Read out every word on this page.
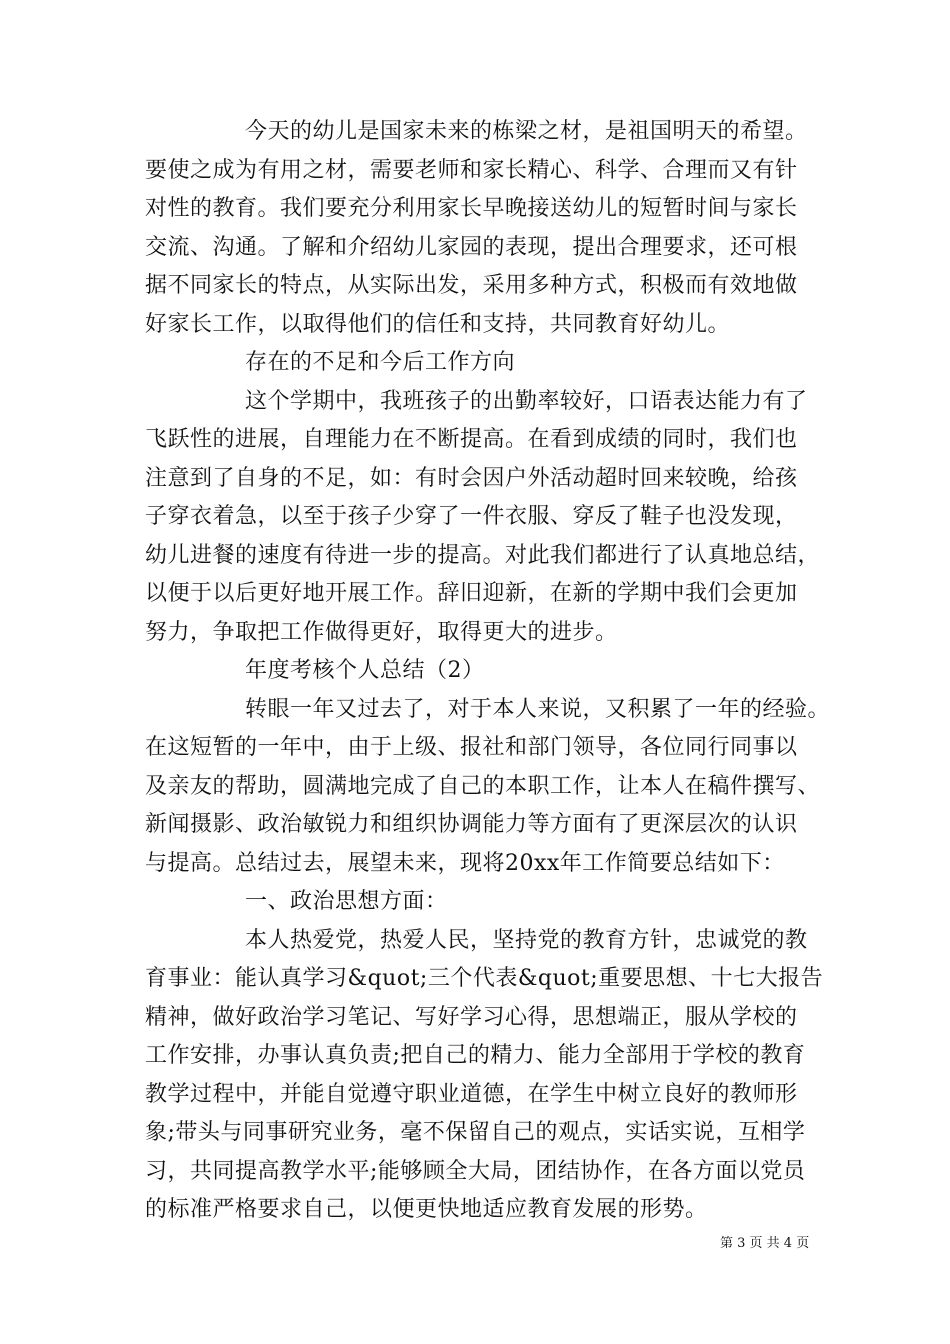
今天的幼儿是国家未来的栋梁之材，是祖国明天的希望。
要使之成为有用之材，需要老师和家长精心、科学、合理而又有针
对性的教育。我们要充分利用家长早晚接送幼儿的短暂时间与家长
交流、沟通。了解和介绍幼儿家园的表现，提出合理要求，还可根
据不同家长的特点，从实际出发，采用多种方式，积极而有效地做
好家长工作，以取得他们的信任和支持，共同教育好幼儿。
存在的不足和今后工作方向
这个学期中，我班孩子的出勤率较好，口语表达能力有了
飞跃性的进展，自理能力在不断提高。在看到成绩的同时，我们也
注意到了自身的不足，如：有时会因户外活动超时回来较晚，给孩
子穿衣着急，以至于孩子少穿了一件衣服、穿反了鞋子也没发现，
幼儿进餐的速度有待进一步的提高。对此我们都进行了认真地总结，
以便于以后更好地开展工作。辞旧迎新，在新的学期中我们会更加
努力，争取把工作做得更好，取得更大的进步。
年度考核个人总结（2）
转眼一年又过去了，对于本人来说，又积累了一年的经验。
在这短暂的一年中，由于上级、报社和部门领导，各位同行同事以
及亲友的帮助，圆满地完成了自己的本职工作，让本人在稿件撰写、
新闻摄影、政治敏锐力和组织协调能力等方面有了更深层次的认识
与提高。总结过去，展望未来，现将20xx年工作简要总结如下：
一、政治思想方面：
本人热爱党，热爱人民，坚持党的教育方针，忠诚党的教
育事业：能认真学习&quot;三个代表&quot;重要思想、十七大报告
精神，做好政治学习笔记、写好学习心得，思想端正，服从学校的
工作安排，办事认真负责;把自己的精力、能力全部用于学校的教育
教学过程中，并能自觉遵守职业道德，在学生中树立良好的教师形
象;带头与同事研究业务，毫不保留自己的观点，实话实说，互相学
习，共同提高教学水平;能够顾全大局，团结协作，在各方面以党员
的标准严格要求自己，以便更快地适应教育发展的形势。
第 3 页 共 4 页
